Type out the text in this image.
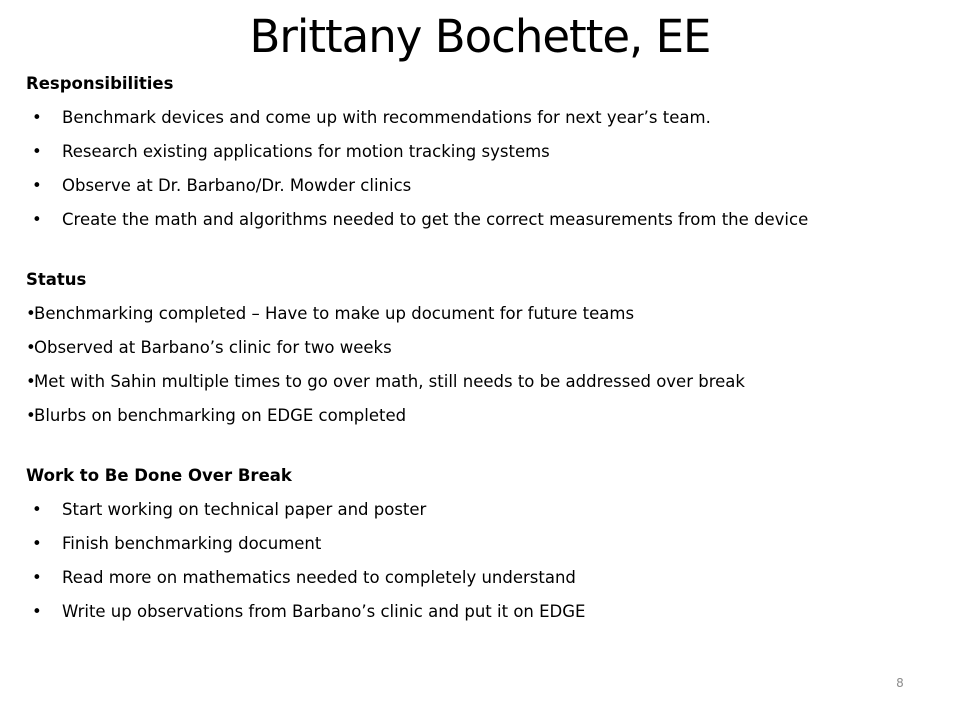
Brittany Bochette, EE

Responsibilities

• Benchmark devices and come up with recommendations for next year’s team.
• Research existing applications for motion tracking systems
• Observe at Dr. Barbano/Dr. Mowder clinics
• Create the math and algorithms needed to get the correct measurements from the device

Status

•
Benchmarking completed – Have to make up document for future teams
•
Observed at Barbano’s clinic for two weeks
•
Met with Sahin multiple times to go over math, still needs to be addressed over break
•
Blurbs on benchmarking on EDGE completed

Work to Be Done Over Break

• Start working on technical paper and poster
• Finish benchmarking document
• Read more on mathematics needed to completely understand
• Write up observations from Barbano’s clinic and put it on EDGE
8
